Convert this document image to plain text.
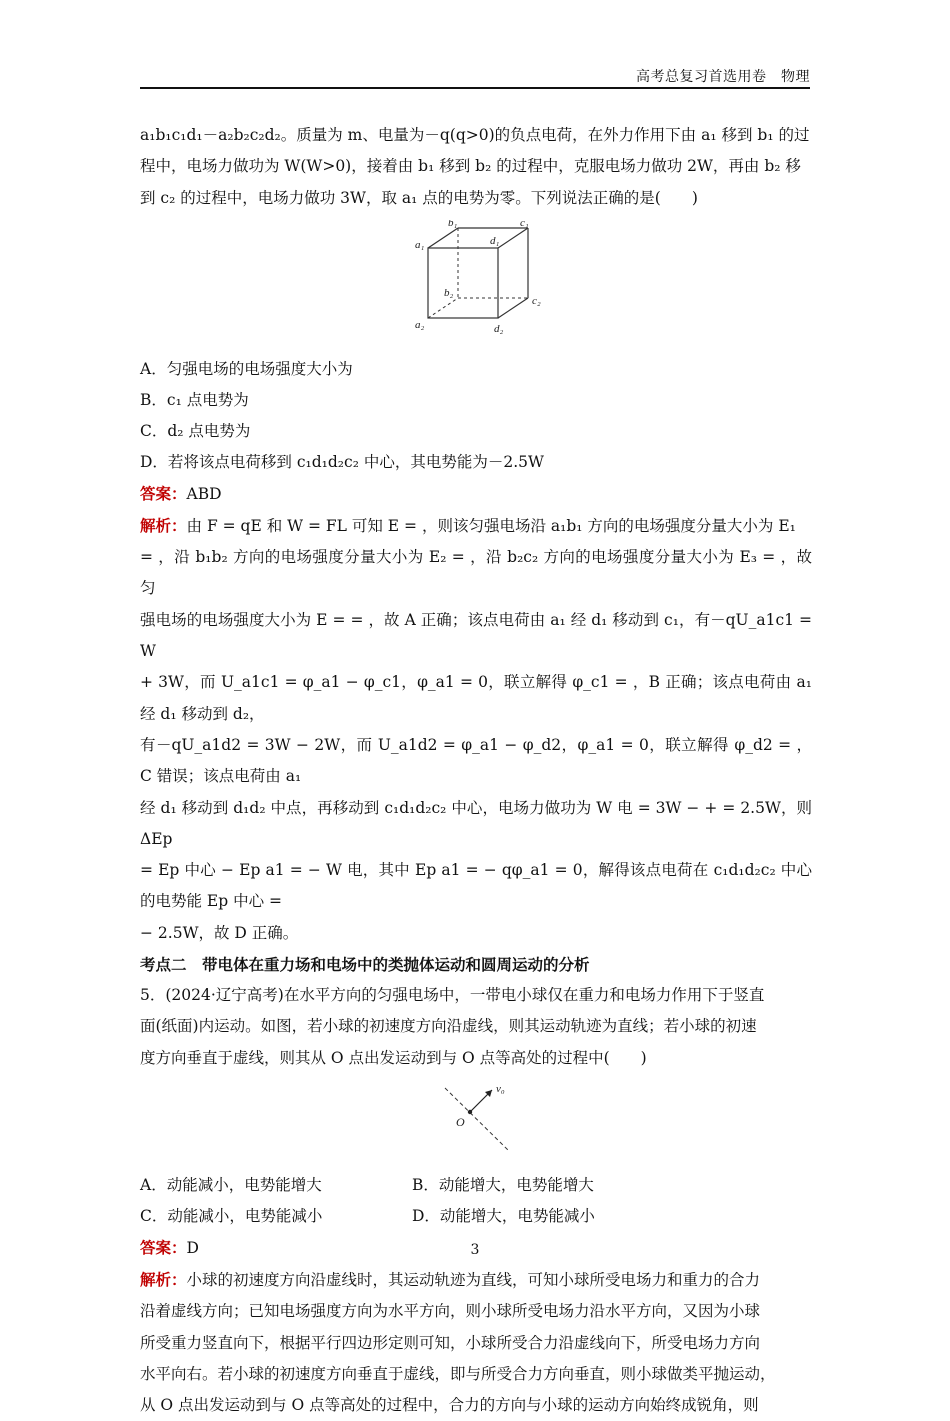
高考总复习首选用卷　物理

a₁b₁c₁d₁－a₂b₂c₂d₂。质量为 m、电量为－q(q>0)的负点电荷，在外力作用下由 a₁ 移到 b₁ 的过

程中，电场力做功为 W(W>0)，接着由 b₁ 移到 b₂ 的过程中，克服电场力做功 2W，再由 b₂ 移

到 c₂ 的过程中，电场力做功 3W，取 a₁ 点的电势为零。下列说法正确的是(　　)

b₁	c₁
a₁	d₁
b₂
c₂
a₂	d₂

A．匀强电场的电场强度大小为

B．c₁ 点电势为

C．d₂ 点电势为

D．若将该点电荷移到 c₁d₁d₂c₂ 中心，其电势能为－2.5W

答案：ABD

解析：由 F = qE 和 W = FL 可知 E = ，则该匀强电场沿 a₁b₁ 方向的电场强度分量大小为 E₁

= ，沿 b₁b₂ 方向的电场强度分量大小为 E₂ = ，沿 b₂c₂ 方向的电场强度分量大小为 E₃ = ，故匀

强电场的电场强度大小为 E = = ，故 A 正确；该点电荷由 a₁ 经 d₁ 移动到 c₁，有－qU_a1c1 = W

+ 3W，而 U_a1c1 = φ_a1 − φ_c1，φ_a1 = 0，联立解得 φ_c1 = ，B 正确；该点电荷由 a₁ 经 d₁ 移动到 d₂，

有－qU_a1d2 = 3W − 2W，而 U_a1d2 = φ_a1 − φ_d2，φ_a1 = 0，联立解得 φ_d2 = ，C 错误；该点电荷由 a₁

经 d₁ 移动到 d₁d₂ 中点，再移动到 c₁d₁d₂c₂ 中心，电场力做功为 W 电 = 3W − + = 2.5W，则 ΔEp

= Ep 中心 − Ep a1 = − W 电，其中 Ep a1 = − qφ_a1 = 0，解得该点电荷在 c₁d₁d₂c₂ 中心的电势能 Ep 中心 =

− 2.5W，故 D 正确。

考点二　带电体在重力场和电场中的类抛体运动和圆周运动的分析

5．(2024·辽宁高考)在水平方向的匀强电场中，一带电小球仅在重力和电场力作用下于竖直

面(纸面)内运动。如图，若小球的初速度方向沿虚线，则其运动轨迹为直线；若小球的初速

度方向垂直于虚线，则其从 O 点出发运动到与 O 点等高处的过程中(　　)

O
v₀

A．动能减小，电势能增大	B．动能增大，电势能增大

C．动能减小，电势能减小	D．动能增大，电势能减小

答案：D

解析：小球的初速度方向沿虚线时，其运动轨迹为直线，可知小球所受电场力和重力的合力

沿着虚线方向；已知电场强度方向为水平方向，则小球所受电场力沿水平方向，又因为小球

所受重力竖直向下，根据平行四边形定则可知，小球所受合力沿虚线向下，所受电场力方向

水平向右。若小球的初速度方向垂直于虚线，即与所受合力方向垂直，则小球做类平抛运动，

从 O 点出发运动到与 O 点等高处的过程中，合力的方向与小球的运动方向始终成锐角，则

3
